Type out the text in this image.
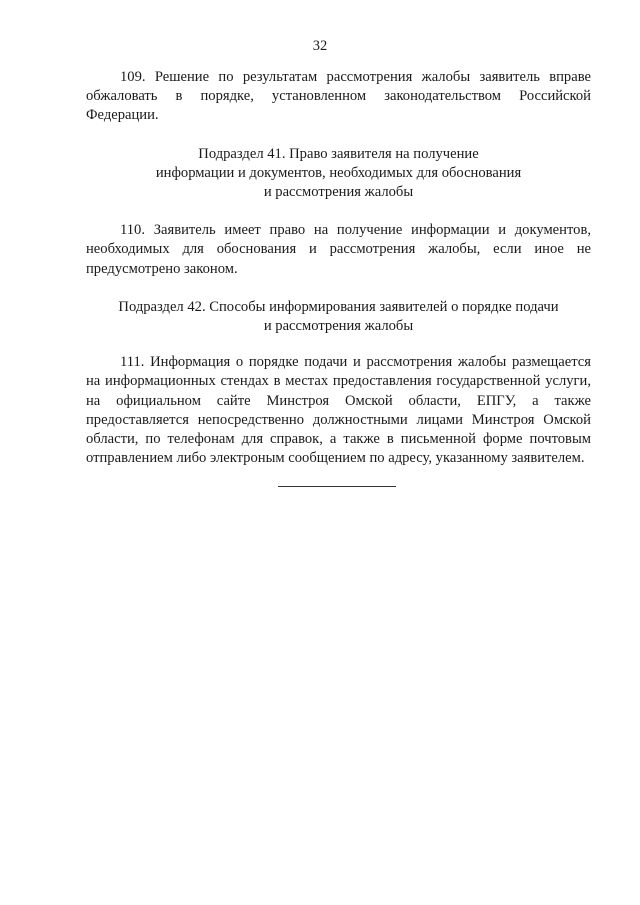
32

109. Решение по результатам рассмотрения жалобы заявитель вправе обжаловать в порядке, установленном законодательством Российской Федерации.

Подраздел 41. Право заявителя на получение
информации и документов, необходимых для обоснования
и рассмотрения жалобы

110. Заявитель имеет право на получение информации и документов, необходимых для обоснования и рассмотрения жалобы, если иное не предусмотрено законом.

Подраздел 42. Способы информирования заявителей о порядке подачи
и рассмотрения жалобы

111. Информация о порядке подачи и рассмотрения жалобы размещается на информационных стендах в местах предоставления государственной услуги, на официальном сайте Минстроя Омской области, ЕПГУ, а также предоставляется непосредственно должностными лицами Минстроя Омской области, по телефонам для справок, а также в письменной форме почтовым отправлением либо электроным сообщением по адресу, указанному заявителем.
